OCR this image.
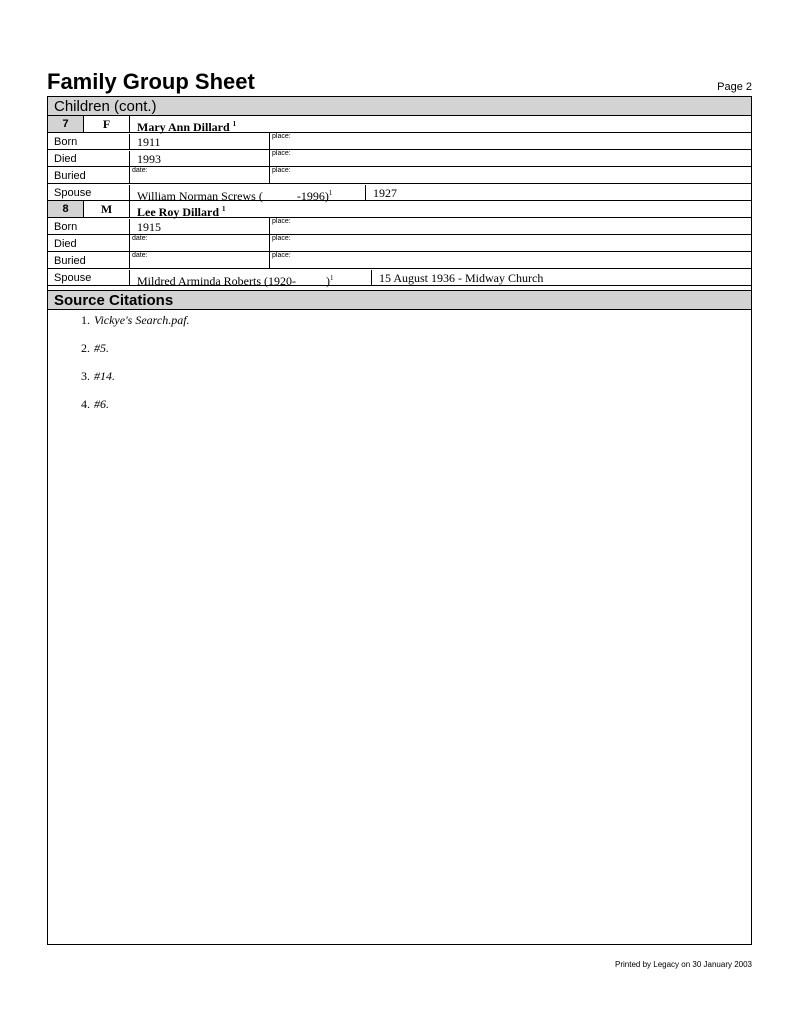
Family Group Sheet	Page 2
Children (cont.)
7	F	Mary Ann Dillard $^1$
Born	1911	place:
Died	1993	place:
Buried	date:	place:
Spouse	William Norman Screws (	-1996)$^1$	1927
8	M	Lee Roy Dillard $^1$
Born	1915	place:
Died	date:	place:
Buried	date:	place:
Spouse	Mildred Arminda Roberts (1920-	)$^1$	15 August 1936 - Midway Church
Source Citations
1. Vickye's Search.paf.
2. #5.
3. #14.
4. #6.
Printed by Legacy on 30 January 2003
